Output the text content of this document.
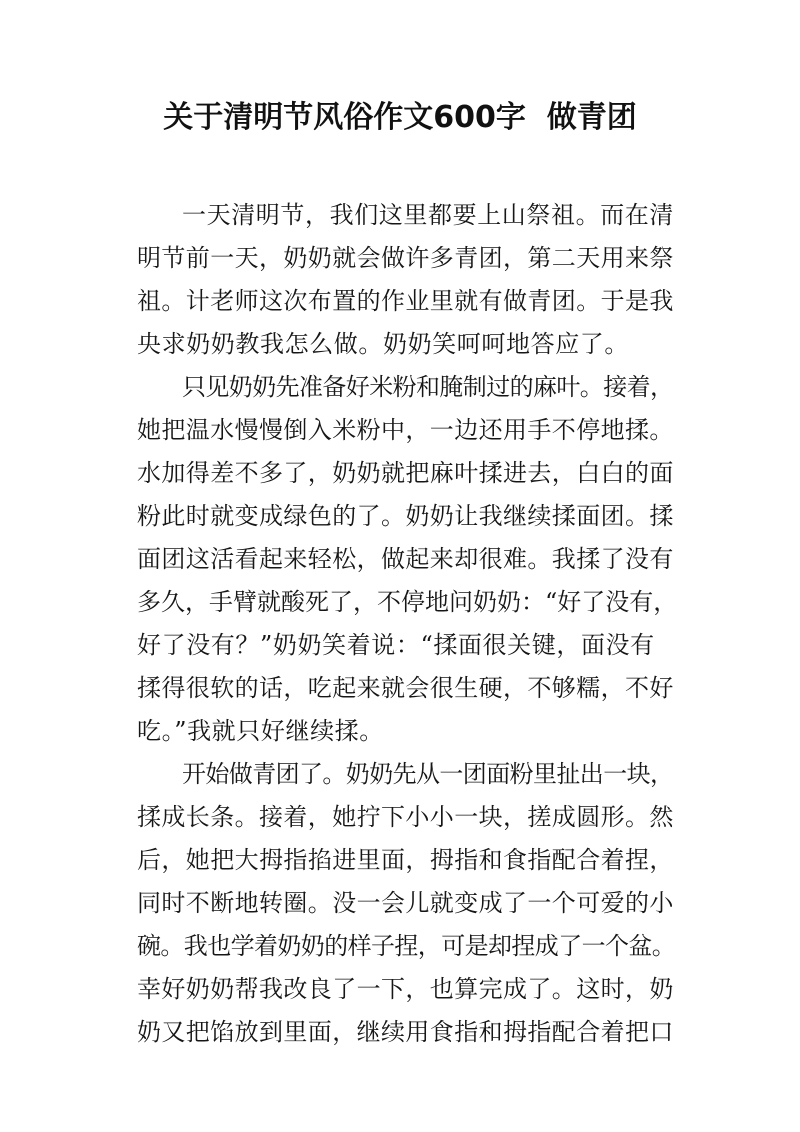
关于清明节风俗作文600字  做青团
一天清明节，我们这里都要上山祭祖。而在清
明节前一天，奶奶就会做许多青团，第二天用来祭
祖。计老师这次布置的作业里就有做青团。于是我
央求奶奶教我怎么做。奶奶笑呵呵地答应了。
只见奶奶先准备好米粉和腌制过的麻叶。接着，
她把温水慢慢倒入米粉中，一边还用手不停地揉。
水加得差不多了，奶奶就把麻叶揉进去，白白的面
粉此时就变成绿色的了。奶奶让我继续揉面团。揉
面团这活看起来轻松，做起来却很难。我揉了没有
多久，手臂就酸死了，不停地问奶奶：“好了没有，
好了没有？”奶奶笑着说：“揉面很关键，面没有
揉得很软的话，吃起来就会很生硬，不够糯，不好
吃。”我就只好继续揉。
开始做青团了。奶奶先从一团面粉里扯出一块，
揉成长条。接着，她拧下小小一块，搓成圆形。然
后，她把大拇指掐进里面，拇指和食指配合着捏，
同时不断地转圈。没一会儿就变成了一个可爱的小
碗。我也学着奶奶的样子捏，可是却捏成了一个盆。
幸好奶奶帮我改良了一下，也算完成了。这时，奶
奶又把馅放到里面，继续用食指和拇指配合着把口
